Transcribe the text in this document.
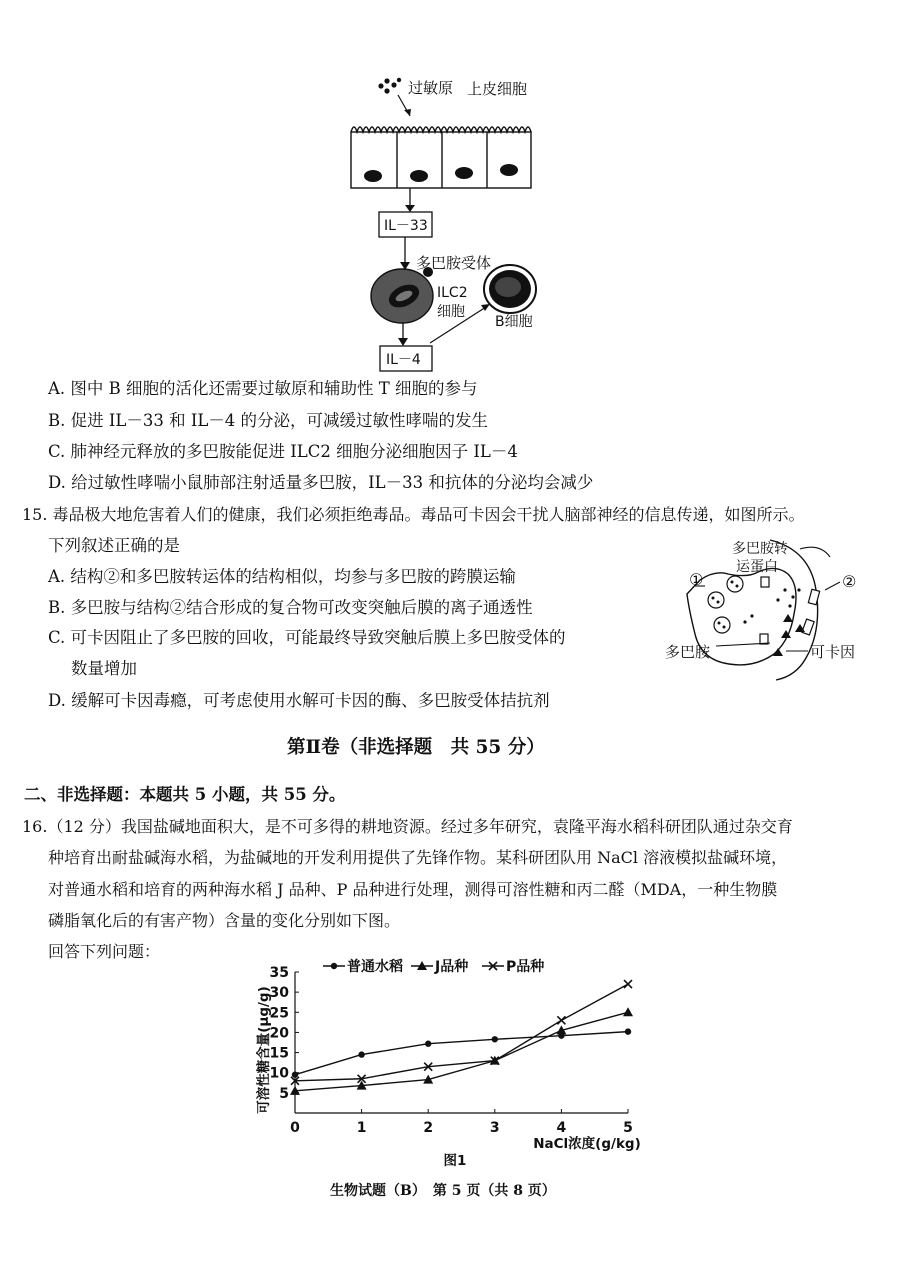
过敏原 上皮细胞
IL－33
多巴胺受体
ILC2
细胞
B细胞
IL－4
A. 图中 B 细胞的活化还需要过敏原和辅助性 T 细胞的参与
B. 促进 IL－33 和 IL－4 的分泌，可减缓过敏性哮喘的发生
C. 肺神经元释放的多巴胺能促进 ILC2 细胞分泌细胞因子 IL－4
D. 给过敏性哮喘小鼠肺部注射适量多巴胺，IL－33 和抗体的分泌均会减少
15. 毒品极大地危害着人们的健康，我们必须拒绝毒品。毒品可卡因会干扰人脑部神经的信息传递，如图所示。
下列叙述正确的是
A. 结构②和多巴胺转运体的结构相似，均参与多巴胺的跨膜运输
B. 多巴胺与结构②结合形成的复合物可改变突触后膜的离子通透性
C. 可卡因阻止了多巴胺的回收，可能最终导致突触后膜上多巴胺受体的
数量增加
D. 缓解可卡因毒瘾，可考虑使用水解可卡因的酶、多巴胺受体拮抗剂
多巴胺转
运蛋白
①	②
多巴胺	可卡因
第Ⅱ卷（非选择题　共 55 分）
二、非选择题：本题共 5 小题，共 55 分。
16.（12 分）我国盐碱地面积大，是不可多得的耕地资源。经过多年研究，袁隆平海水稻科研团队通过杂交育
种培育出耐盐碱海水稻，为盐碱地的开发利用提供了先锋作物。某科研团队用 NaCl 溶液模拟盐碱环境，
对普通水稻和培育的两种海水稻 J 品种、P 品种进行处理，测得可溶性糖和丙二醛（MDA，一种生物膜
磷脂氧化后的有害产物）含量的变化分别如下图。
回答下列问题：
普通水稻 J品种	P品种
5
10
15
20
25
30
35
0	1	2	3	4	5
可溶性糖含量(μg/g)
NaCl浓度(g/kg)
图1
生物试题（B）　第 5 页（共 8 页）
